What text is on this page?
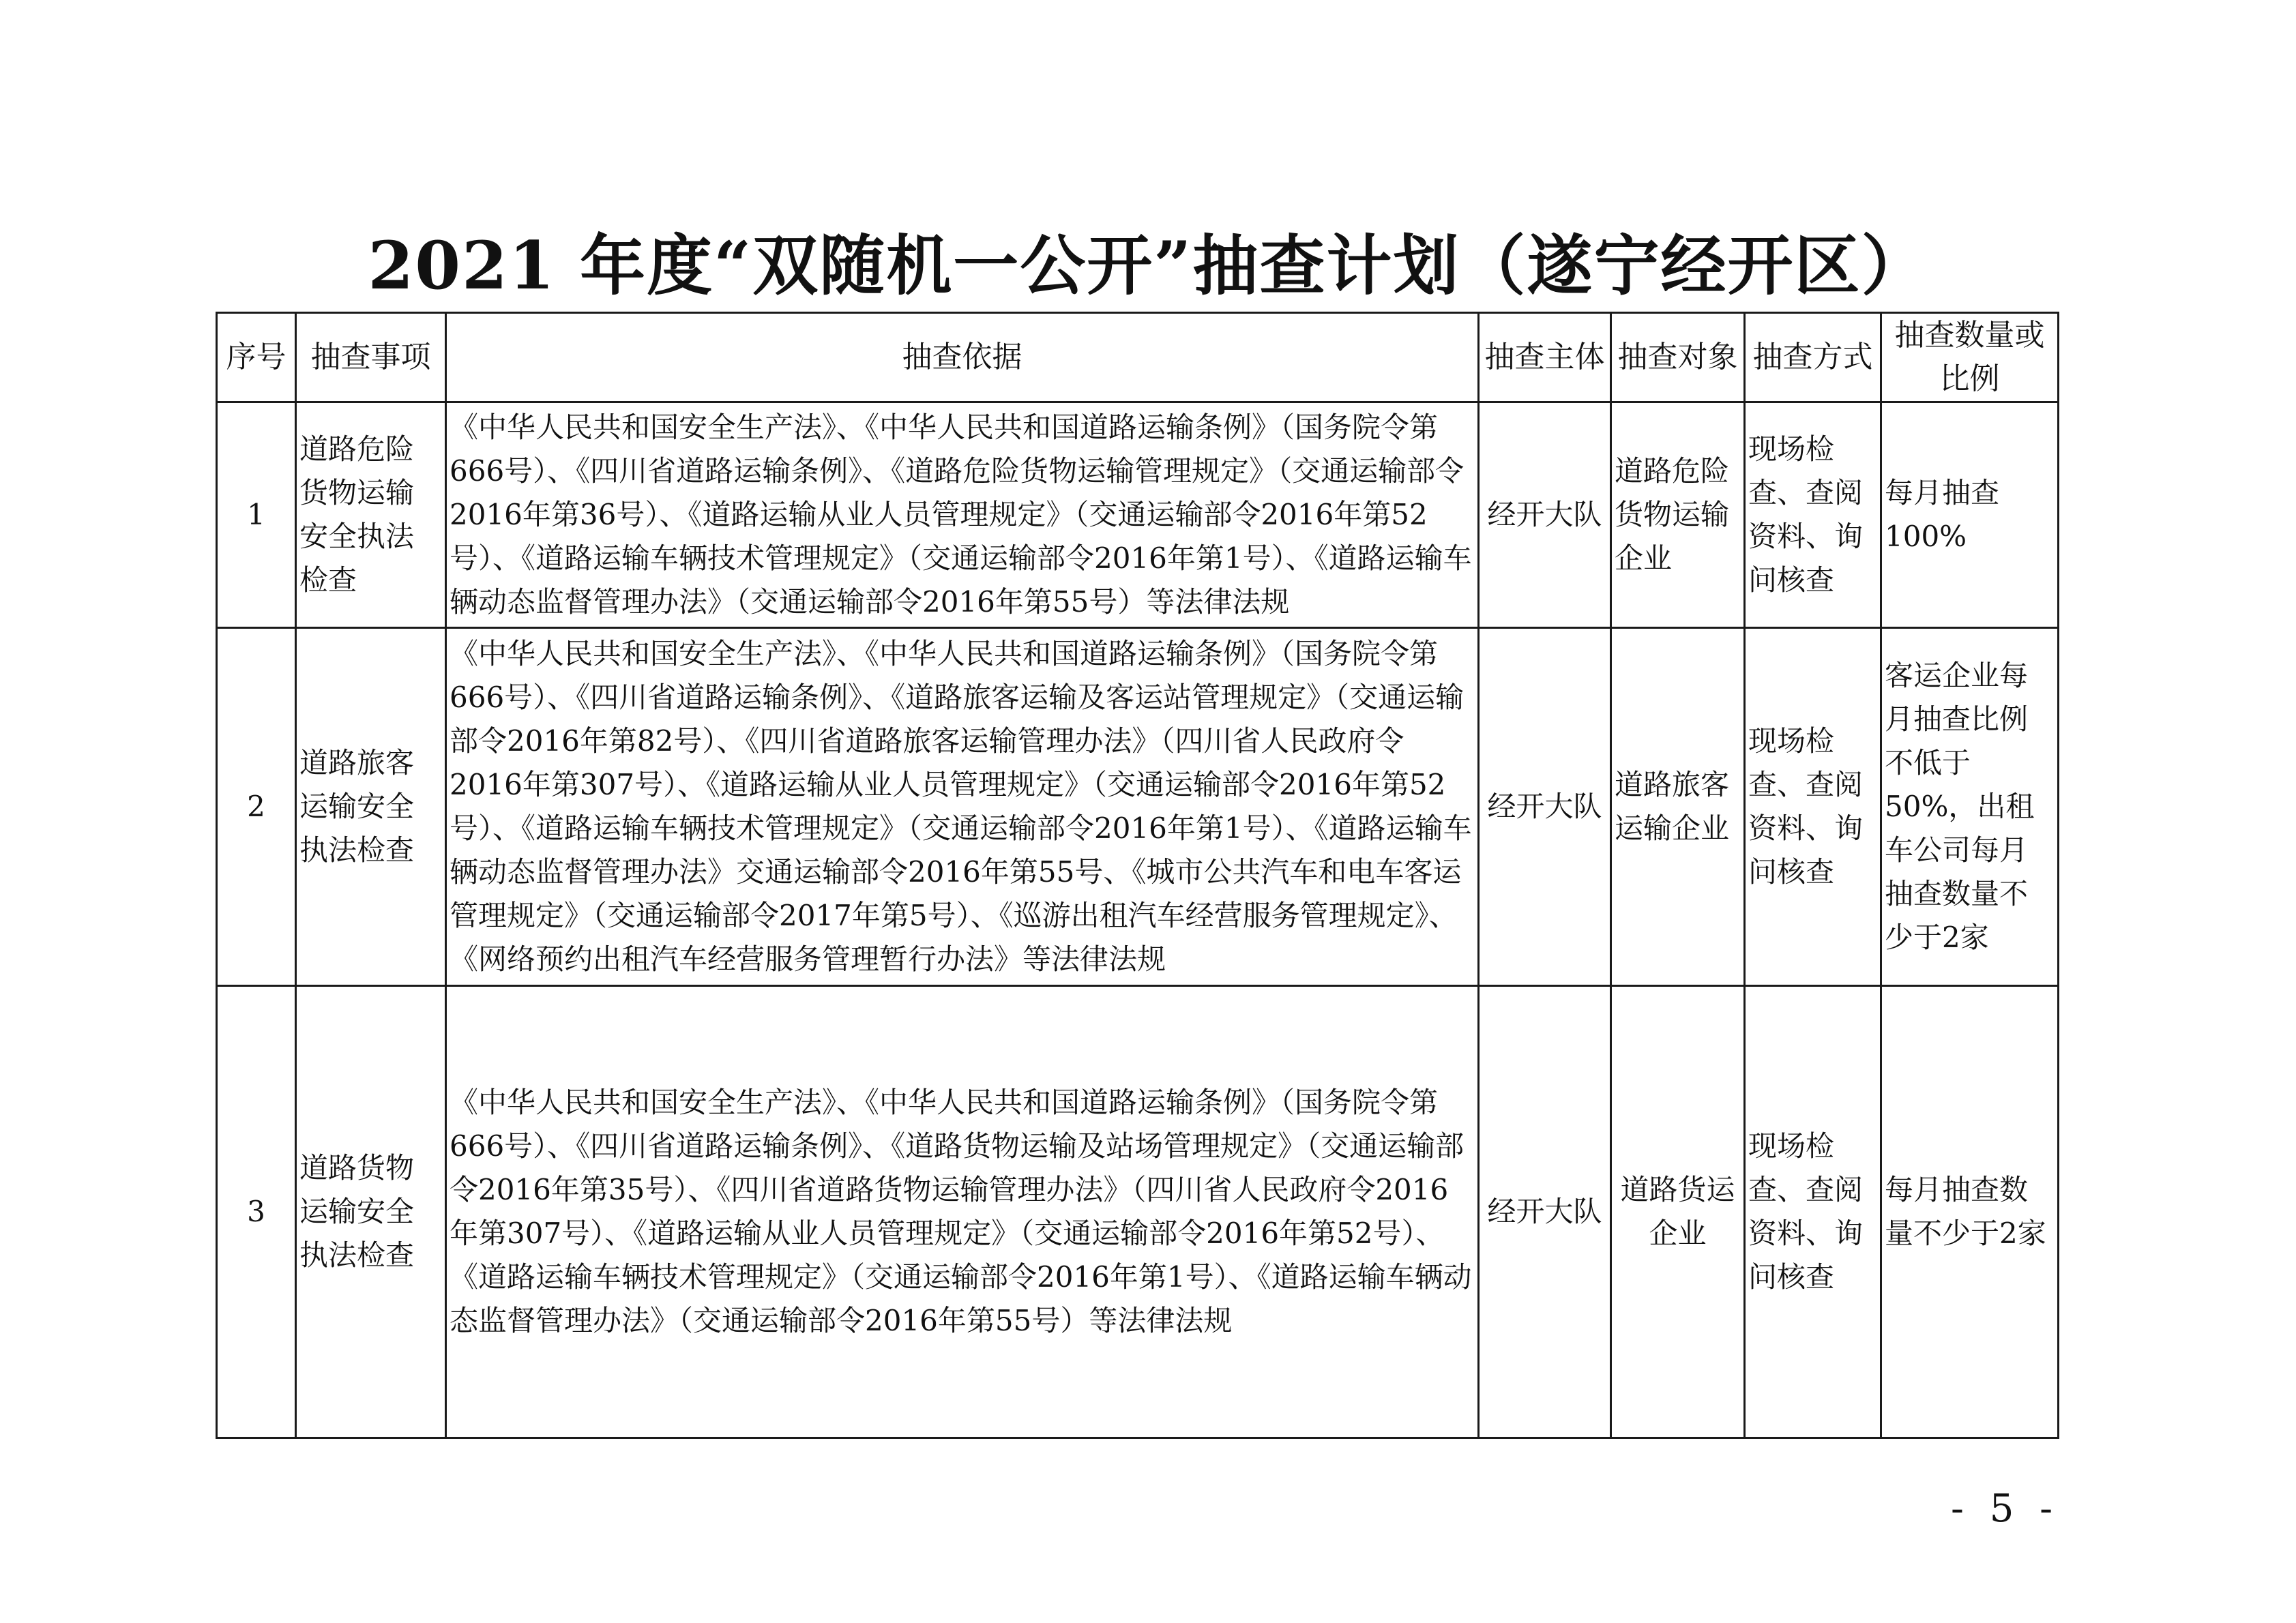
2021 年度“双随机一公开”抽查计划（遂宁经开区）
序号	抽查事项	抽查依据	抽查主体	抽查对象	抽查方式	抽查数量或比例
1	道路危险货物运输安全执法检查	《中华人民共和国安全生产法》、《中华人民共和国道路运输条例》（国务院令第666号）、《四川省道路运输条例》、《道路危险货物运输管理规定》（交通运输部令2016年第36号）、《道路运输从业人员管理规定》（交通运输部令2016年第52号）、《道路运输车辆技术管理规定》（交通运输部令2016年第1号）、《道路运输车辆动态监督管理办法》（交通运输部令2016年第55号）等法律法规	经开大队	道路危险货物运输企业	现场检查、查阅资料、询问核查	每月抽查100%
2	道路旅客运输安全执法检查	《中华人民共和国安全生产法》、《中华人民共和国道路运输条例》（国务院令第666号）、《四川省道路运输条例》、《道路旅客运输及客运站管理规定》（交通运输部令2016年第82号）、《四川省道路旅客运输管理办法》（四川省人民政府令2016年第307号）、《道路运输从业人员管理规定》（交通运输部令2016年第52号）、《道路运输车辆技术管理规定》（交通运输部令2016年第1号）、《道路运输车辆动态监督管理办法》交通运输部令2016年第55号、《城市公共汽车和电车客运管理规定》（交通运输部令2017年第5号）、《巡游出租汽车经营服务管理规定》、《网络预约出租汽车经营服务管理暂行办法》等法律法规	经开大队	道路旅客运输企业	现场检查、查阅资料、询问核查	客运企业每月抽查比例不低于50%，出租车公司每月抽查数量不少于2家
3	道路货物运输安全执法检查	《中华人民共和国安全生产法》、《中华人民共和国道路运输条例》（国务院令第666号）、《四川省道路运输条例》、《道路货物运输及站场管理规定》（交通运输部令2016年第35号）、《四川省道路货物运输管理办法》（四川省人民政府令2016年第307号）、《道路运输从业人员管理规定》（交通运输部令2016年第52号）、《道路运输车辆技术管理规定》（交通运输部令2016年第1号）、《道路运输车辆动态监督管理办法》（交通运输部令2016年第55号）等法律法规	经开大队	道路货运企业	现场检查、查阅资料、询问核查	每月抽查数量不少于2家
- 5 -
